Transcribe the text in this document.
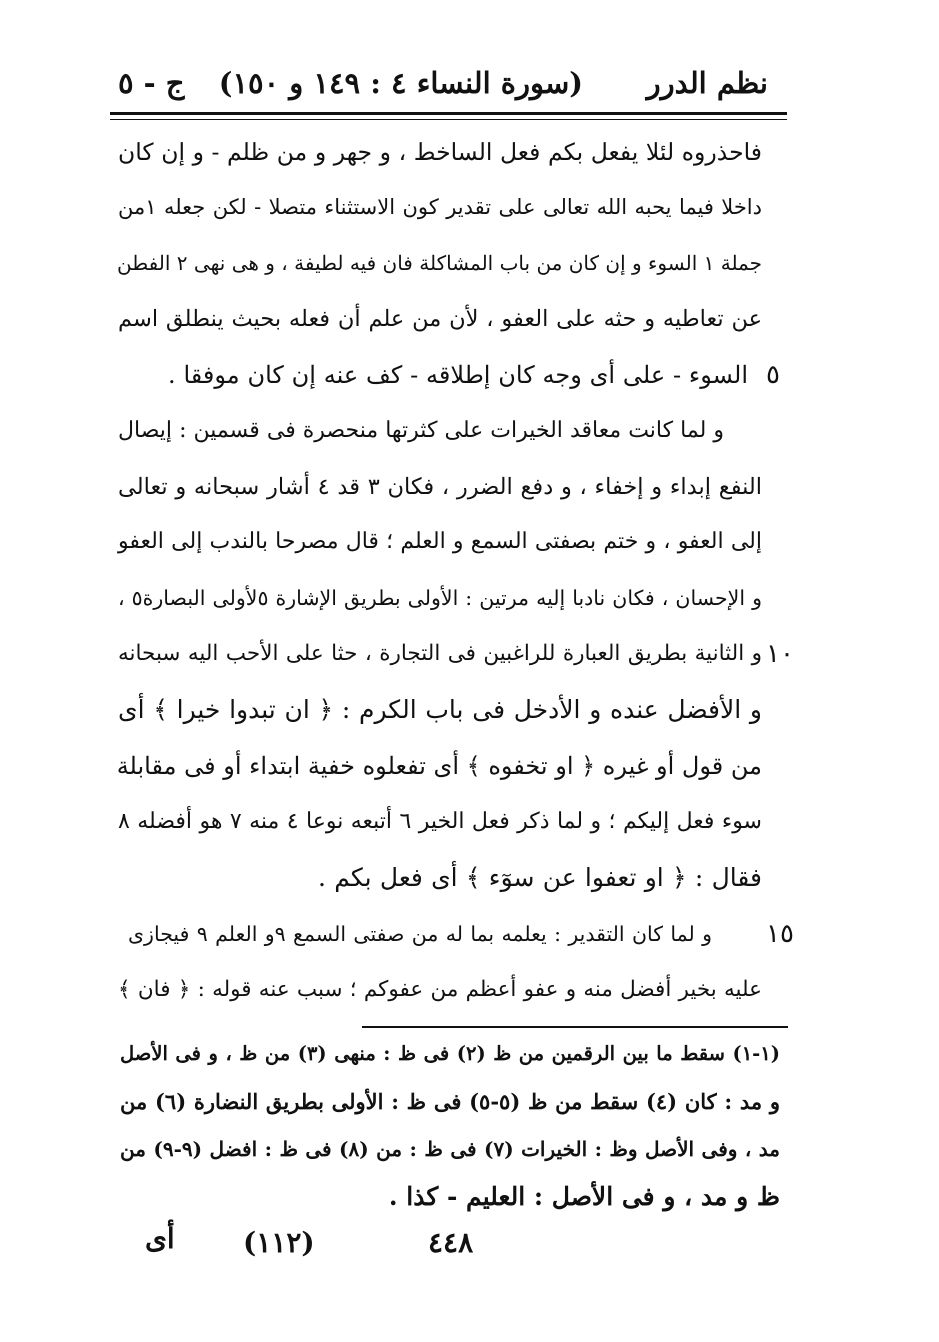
نظم الدرر
(سورة النساء ٤ : ١٤٩ و ١٥٠)
ج - ٥
فاحذروه لئلا يفعل بكم فعل الساخط ، و جهر و من ظلم - و إن كان
داخلا فيما يحبه الله تعالى على تقدير كون الاستثناء متصلا - لكن جعله ١من
جملة ١ السوء و إن كان من باب المشاكلة فان فيه لطيفة ، و هى نهى ٢ الفطن
عن تعاطيه و حثه على العفو ، لأن من علم أن فعله بحيث ينطلق اسم
السوء - على أى وجه كان إطلاقه - كف عنه إن كان موفقا .
و لما كانت معاقد الخيرات على كثرتها منحصرة فى قسمين : إيصال
النفع إبداء و إخفاء ، و دفع الضرر ، فكان ٣ قد ٤ أشار سبحانه و تعالى
إلى العفو ، و ختم بصفتى السمع و العلم ؛ قال مصرحا بالندب إلى العفو
و الإحسان ، فكان نادبا إليه مرتين : الأولى بطريق الإشارة ٥لأولى البصارة٥ ،
و الثانية بطريق العبارة للراغبين فى التجارة ، حثا على الأحب اليه سبحانه
و الأفضل عنده و الأدخل فى باب الكرم : ﴿ ان تبدوا خيرا ﴾ أى
من قول أو غيره ﴿ او تخفوه ﴾ أى تفعلوه خفية ابتداء أو فى مقابلة
سوء فعل إليكم ؛ و لما ذكر فعل الخير ٦ أتبعه نوعا ٤ منه ٧ هو أفضله ٨
فقال : ﴿ او تعفوا عن سوٓء ﴾ أى فعل بكم .
و لما كان التقدير : يعلمه بما له من صفتى السمع ٩و العلم ٩ فيجازى
عليه بخير أفضل منه و عفو أعظم من عفوكم ؛ سبب عنه قوله : ﴿ فان ﴾
٥
١٠
١٥
(١-١) سقط ما بين الرقمين من ظ (٢) فى ظ : منهى (٣) من ظ ، و فى الأصل
و مد : كان (٤) سقط من ظ (٥-٥) فى ظ : الأولى بطريق النضارة (٦) من
مد ، وفى الأصل وظ : الخيرات (٧) فى ظ : من (٨) فى ظ : افضل (٩-٩) من
ظ و مد ، و فى الأصل : العليم - كذا .
أى (١١٢)	٤٤٨
